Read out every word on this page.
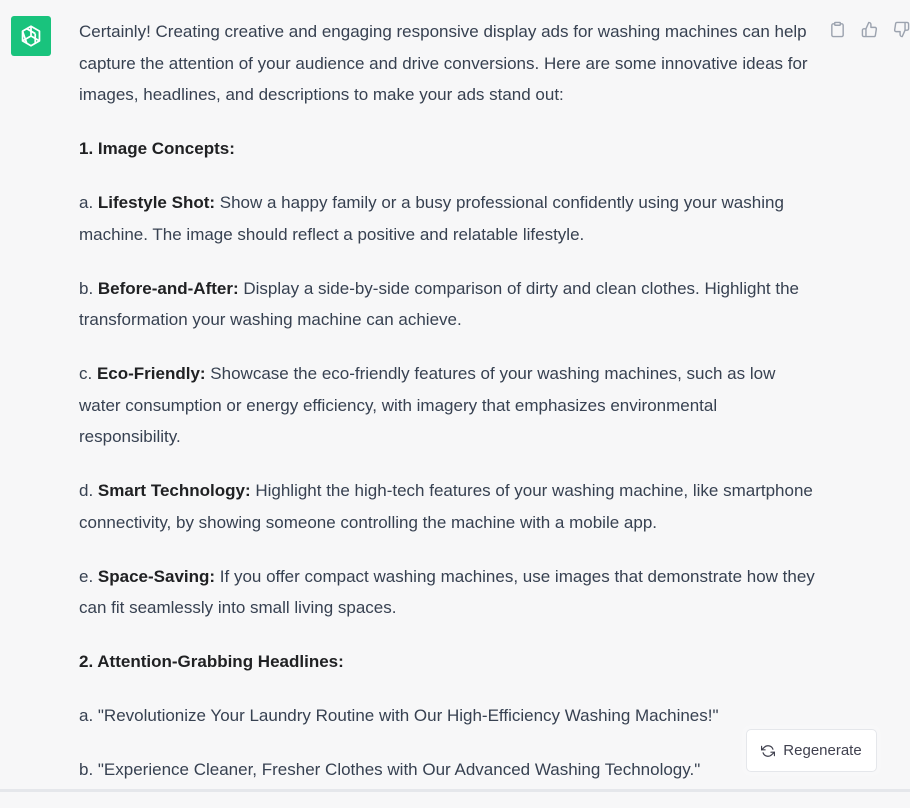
Certainly! Creating creative and engaging responsive display ads for washing machines can help capture the attention of your audience and drive conversions. Here are some innovative ideas for images, headlines, and descriptions to make your ads stand out:

1. Image Concepts:

a. Lifestyle Shot: Show a happy family or a busy professional confidently using your washing machine. The image should reflect a positive and relatable lifestyle.

b. Before-and-After: Display a side-by-side comparison of dirty and clean clothes. Highlight the transformation your washing machine can achieve.

c. Eco-Friendly: Showcase the eco-friendly features of your washing machines, such as low water consumption or energy efficiency, with imagery that emphasizes environmental responsibility.

d. Smart Technology: Highlight the high-tech features of your washing machine, like smartphone connectivity, by showing someone controlling the machine with a mobile app.

e. Space-Saving: If you offer compact washing machines, use images that demonstrate how they can fit seamlessly into small living spaces.

2. Attention-Grabbing Headlines:

a. "Revolutionize Your Laundry Routine with Our High-Efficiency Washing Machines!"

b. "Experience Cleaner, Fresher Clothes with Our Advanced Washing Technology."

Regenerate
